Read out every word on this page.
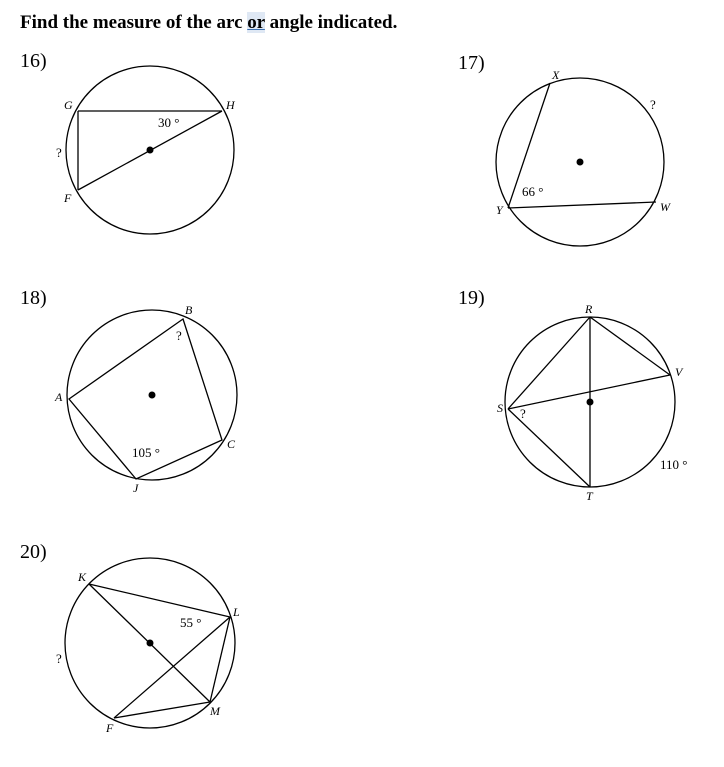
Find the measure of the arc or angle indicated.
16)	17)
18)	19)
20)
G	H
F
30 °
?
X
Y	W
66 °
?
B
A
C
J
105 °
?
R
V
S
T
110 °
?
K
L
M
F
55 °
?
